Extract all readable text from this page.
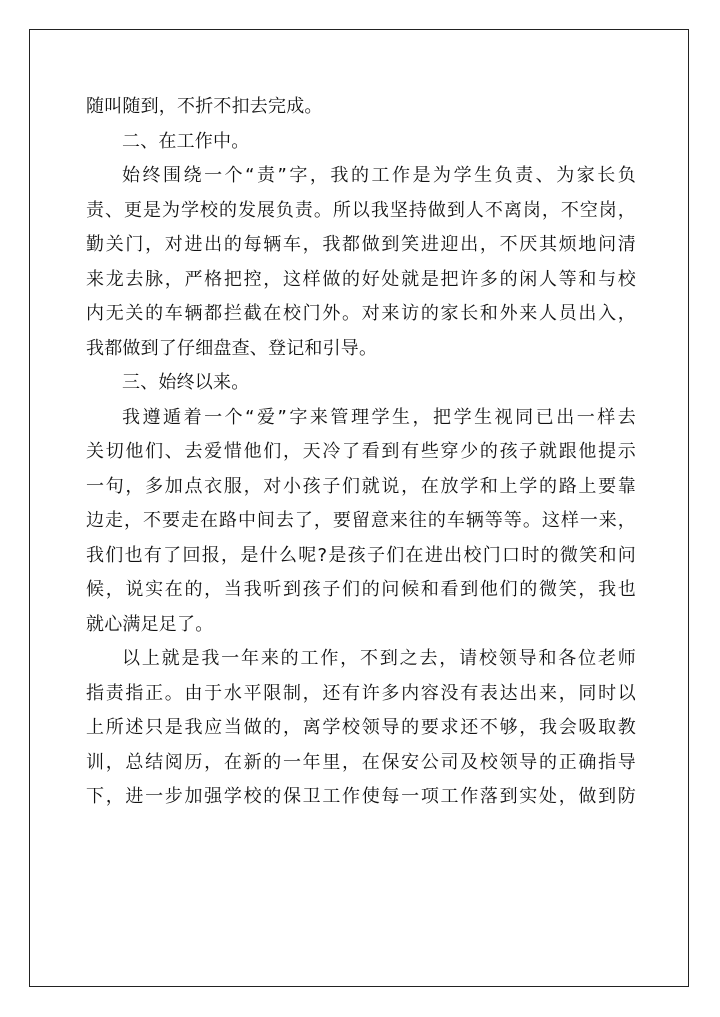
随叫随到，不折不扣去完成。
二、在工作中。
始终围绕一个“责”字，我的工作是为学生负责、为家长负
责、更是为学校的发展负责。所以我坚持做到人不离岗，不空岗，
勤关门，对进出的每辆车，我都做到笑进迎出，不厌其烦地问清
来龙去脉，严格把控，这样做的好处就是把许多的闲人等和与校
内无关的车辆都拦截在校门外。对来访的家长和外来人员出入，
我都做到了仔细盘查、登记和引导。
三、始终以来。
我遵遁着一个“爱”字来管理学生，把学生视同已出一样去
关切他们、去爱惜他们，天冷了看到有些穿少的孩子就跟他提示
一句，多加点衣服，对小孩子们就说，在放学和上学的路上要靠
边走，不要走在路中间去了，要留意来往的车辆等等。这样一来，
我们也有了回报，是什么呢?是孩子们在进出校门口时的微笑和问
候，说实在的，当我听到孩子们的问候和看到他们的微笑，我也
就心满足足了。
以上就是我一年来的工作，不到之去，请校领导和各位老师
指责指正。由于水平限制，还有许多内容没有表达出来，同时以
上所述只是我应当做的，离学校领导的要求还不够，我会吸取教
训，总结阅历，在新的一年里，在保安公司及校领导的正确指导
下，进一步加强学校的保卫工作使每一项工作落到实处，做到防
